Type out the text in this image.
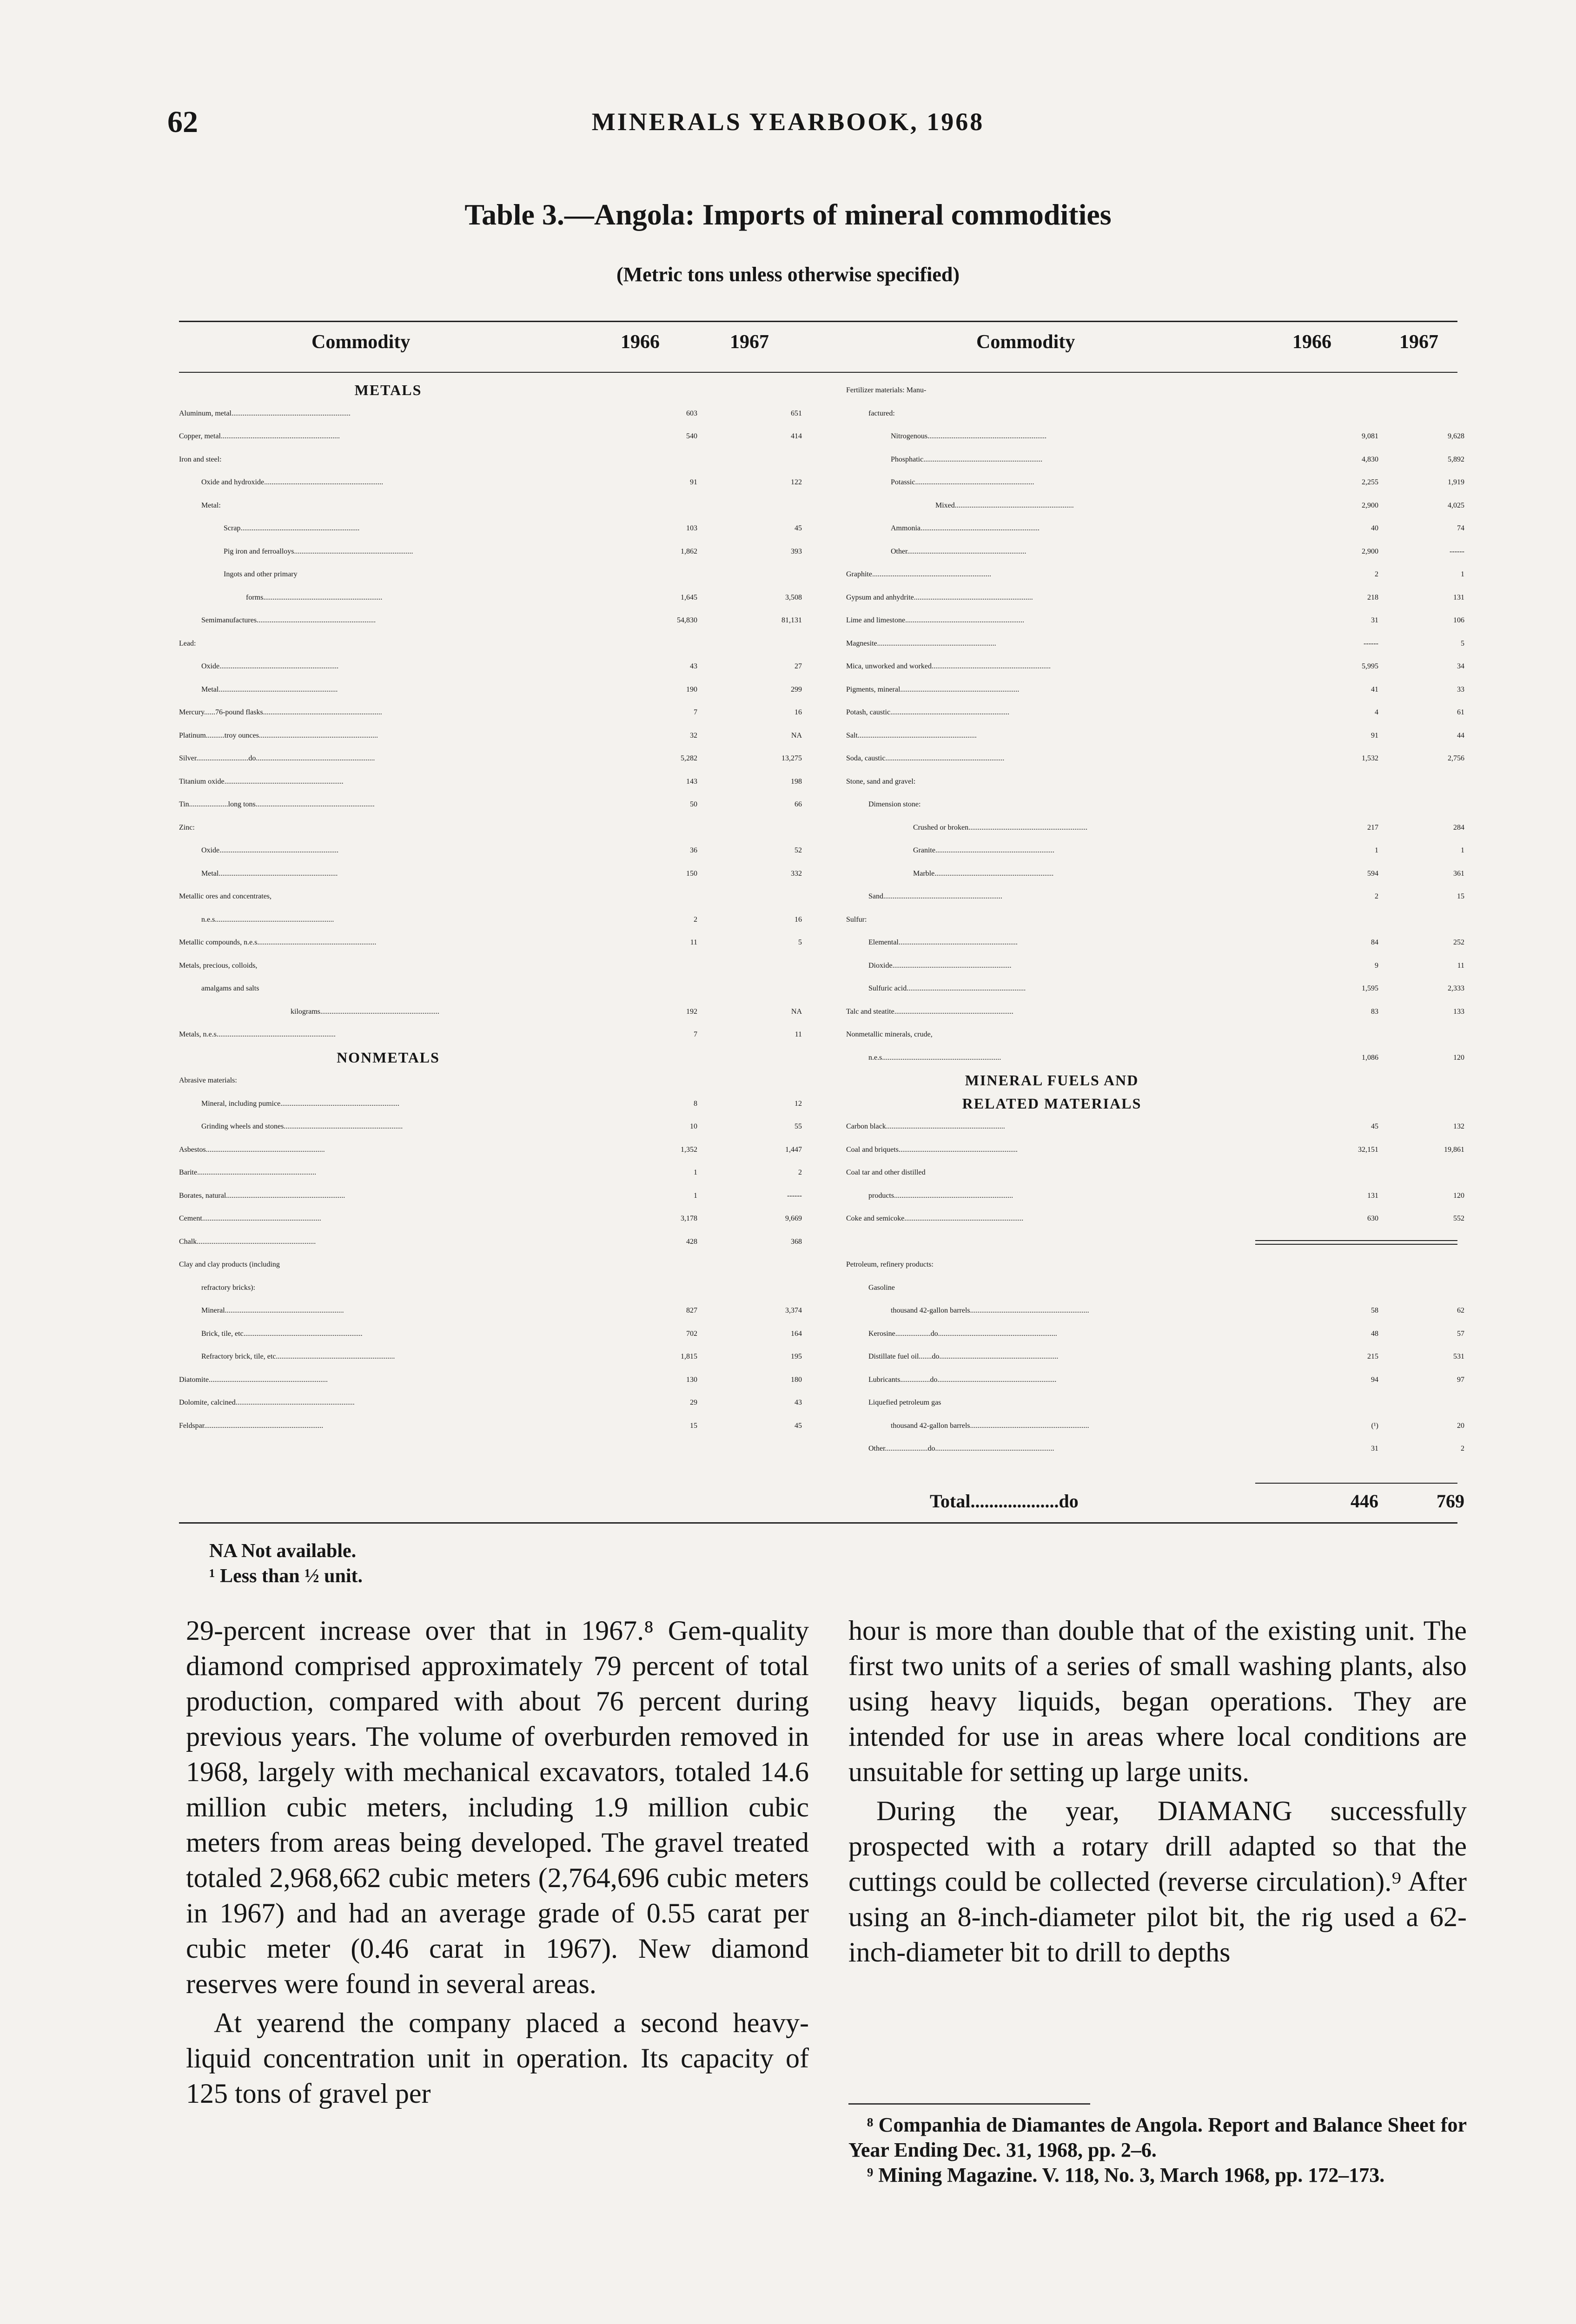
62	MINERALS YEARBOOK, 1968
Table 3.—Angola: Imports of mineral commodities
(Metric tons unless otherwise specified)
Commodity	1966	1967	Commodity	1966	1967
METALS
Aluminum, metal................................................................	603	651
Copper, metal................................................................	540	414
Iron and steel:
Oxide and hydroxide................................................................	91	122
Metal:
Scrap................................................................	103	45
Pig iron and ferroalloys................................................................	1,862	393
Ingots and other primary
forms................................................................	1,645	3,508
Semimanufactures................................................................	54,830	81,131
Lead:
Oxide................................................................	43	27
Metal................................................................	190	299
Mercury......76-pound flasks................................................................	7	16
Platinum..........troy ounces................................................................	32	NA
Silver............................do................................................................	5,282	13,275
Titanium oxide................................................................	143	198
Tin.....................long tons................................................................	50	66
Zinc:
Oxide................................................................	36	52
Metal................................................................	150	332
Metallic ores and concentrates,
n.e.s................................................................	2	16
Metallic compounds, n.e.s................................................................	11	5
Metals, precious, colloids,
amalgams and salts
kilograms................................................................	192	NA
Metals, n.e.s................................................................	7	11
NONMETALS
Abrasive materials:
Mineral, including pumice................................................................	8	12
Grinding wheels and stones................................................................	10	55
Asbestos................................................................	1,352	1,447
Barite................................................................	1	2
Borates, natural................................................................	1	------
Cement................................................................	3,178	9,669
Chalk................................................................	428	368
Clay and clay products (including
refractory bricks):
Mineral................................................................	827	3,374
Brick, tile, etc................................................................	702	164
Refractory brick, tile, etc................................................................	1,815	195
Diatomite................................................................	130	180
Dolomite, calcined................................................................	29	43
Feldspar................................................................	15	45
Fertilizer materials: Manu-
factured:
Nitrogenous................................................................	9,081	9,628
Phosphatic................................................................	4,830	5,892
Potassic................................................................	2,255	1,919
Mixed................................................................	2,900	4,025
Ammonia................................................................	40	74
Other................................................................	2,900	------
Graphite................................................................	2	1
Gypsum and anhydrite................................................................	218	131
Lime and limestone................................................................	31	106
Magnesite................................................................	------	5
Mica, unworked and worked................................................................	5,995	34
Pigments, mineral................................................................	41	33
Potash, caustic................................................................	4	61
Salt................................................................	91	44
Soda, caustic................................................................	1,532	2,756
Stone, sand and gravel:
Dimension stone:
Crushed or broken................................................................	217	284
Granite................................................................	1	1
Marble................................................................	594	361
Sand................................................................	2	15
Sulfur:
Elemental................................................................	84	252
Dioxide................................................................	9	11
Sulfuric acid................................................................	1,595	2,333
Talc and steatite................................................................	83	133
Nonmetallic minerals, crude,
n.e.s................................................................	1,086	120
MINERAL FUELS AND
RELATED MATERIALS
Carbon black................................................................	45	132
Coal and briquets................................................................	32,151	19,861
Coal tar and other distilled
products................................................................	131	120
Coke and semicoke................................................................	630	552
Petroleum, refinery products:
Gasoline
thousand 42-gallon barrels................................................................	58	62
Kerosine...................do................................................................	48	57
Distillate fuel oil.......do................................................................	215	531
Lubricants................do................................................................	94	97
Liquefied petroleum gas
thousand 42-gallon barrels................................................................	(¹)	20
Other.......................do................................................................	31	2
Total...................do	446	769
NA Not available.
¹ Less than ½ unit.

29-percent increase over that in 1967.⁸ Gem-quality diamond comprised approximately 79 percent of total production, compared with about 76 percent during previous years. The volume of overburden removed in 1968, largely with mechanical excavators, totaled 14.6 million cubic meters, including 1.9 million cubic meters from areas being developed. The gravel treated totaled 2,968,662 cubic meters (2,764,696 cubic meters in 1967) and had an average grade of 0.55 carat per cubic meter (0.46 carat in 1967). New diamond reserves were found in several areas.

At yearend the company placed a second heavy-liquid concentration unit in operation. Its capacity of 125 tons of gravel per

hour is more than double that of the existing unit. The first two units of a series of small washing plants, also using heavy liquids, began operations. They are intended for use in areas where local conditions are unsuitable for setting up large units.

During the year, DIAMANG successfully prospected with a rotary drill adapted so that the cuttings could be collected (reverse circulation).⁹ After using an 8-inch-diameter pilot bit, the rig used a 62-inch-diameter bit to drill to depths

⁸ Companhia de Diamantes de Angola. Report and Balance Sheet for Year Ending Dec. 31, 1968, pp. 2–6.
⁹ Mining Magazine. V. 118, No. 3, March 1968, pp. 172–173.
